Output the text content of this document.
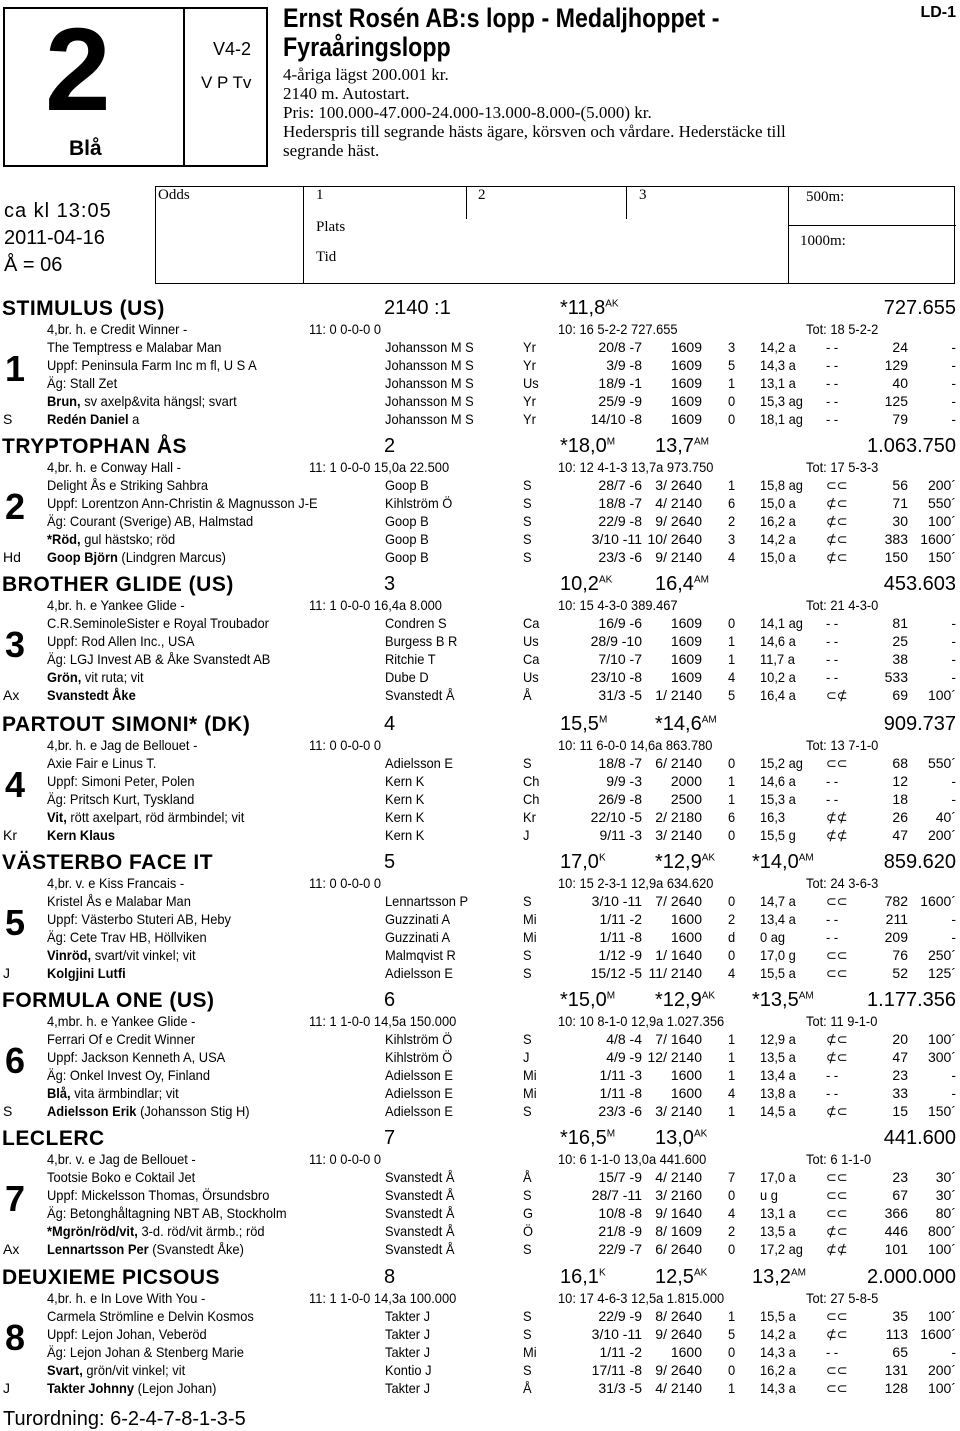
2
Blå
V4-2
V P Tv
Ernst Rosén AB:s lopp - Medaljhoppet -
Fyraåringslopp
LD-1
4-åriga lägst 200.001 kr.
2140 m. Autostart.
Pris: 100.000-47.000-24.000-13.000-8.000-(5.000) kr.
Hederspris till segrande hästs ägare, körsven och vårdare. Hederstäcke till
segrande häst.
ca kl 13:05
2011-04-16
Å = 06
Odds	1	2	3
Plats
Tid
500m:
1000m:
STIMULUS (US)	2140 :1	$*11,8^{AK}$	727.655
4,br. h. e Credit Winner -	11: 0 0-0-0 0	10: 16 5-2-2 727.655	Tot: 18 5-2-2
1
S
The Temptress e Malabar Man	Johansson M S	Yr	20/8 -7	1609 3 14,2 a - -	24	-
Uppf: Peninsula Farm Inc m fl, U S A	Johansson M S	Yr	3/9 -8	1609 5 14,3 a - -	129	-
Äg: Stall Zet	Johansson M S	Us	18/9 -1	1609 1 13,1 a - -	40	-
Brun, sv axelp&vita hängsl; svart	Johansson M S	Yr	25/9 -9	1609 0 15,3 ag - -	125	-
Redén Daniel a	Johansson M S	Yr	14/10 -8	1609 0 18,1 ag - -	79	-
TRYPTOPHAN ÅS	2	$*18,0^M$ $13,7^{AM}$	1.063.750
4,br. h. e Conway Hall -	11: 1 0-0-0 15,0a 22.500	10: 12 4-1-3 13,7a 973.750	Tot: 17 5-3-3
2
Hd
Delight Ås e Striking Sahbra	Goop B	S	28/7 -6 3/ 2640 1 15,8 ag ⊂⊂	56	200´
Uppf: Lorentzon Ann-Christin & Magnusson J-E	Kihlström Ö	S	18/8 -7 4/ 2140 6 15,0 a ⊄⊂	71	550´
Äg: Courant (Sverige) AB, Halmstad	Goop B	S	22/9 -8 9/ 2640 2 16,2 a ⊄⊂	30	100´
*Röd, gul hästsko; röd	Goop B	S	3/10 -11 10/ 2640 3 14,2 a ⊄⊂	383 1600´
Goop Björn (Lindgren Marcus)	Goop B	S	23/3 -6 9/ 2140 4 15,0 a ⊄⊂	150	150´
BROTHER GLIDE (US)	3	$10,2^{AK}$ $16,4^{AM}$	453.603
4,br. h. e Yankee Glide -	11: 1 0-0-0 16,4a 8.000	10: 15 4-3-0 389.467	Tot: 21 4-3-0
3
Ax
C.R.SeminoleSister e Royal Troubador	Condren S	Ca	16/9 -6	1609 0 14,1 ag - -	81	-
Uppf: Rod Allen Inc., USA	Burgess B R	Us	28/9 -10	1609 1 14,6 a - -	25	-
Äg: LGJ Invest AB & Åke Svanstedt AB	Ritchie T	Ca	7/10 -7	1609 1 11,7 a - -	38	-
Grön, vit ruta; vit	Dube D	Us	23/10 -8	1609 4 10,2 a - -	533	-
Svanstedt Åke	Svanstedt Å	Å	31/3 -5 1/ 2140 5 16,4 a ⊂⊄	69	100´
PARTOUT SIMONI* (DK)	4	$15,5^M$ $*14,6^{AM}$	909.737
4,br. h. e Jag de Bellouet -	11: 0 0-0-0 0	10: 11 6-0-0 14,6a 863.780	Tot: 13 7-1-0
4
Kr
Axie Fair e Linus T.	Adielsson E	S	18/8 -7 6/ 2140 0 15,2 ag ⊂⊂	68	550´
Uppf: Simoni Peter, Polen	Kern K	Ch	9/9 -3	2000 1 14,6 a - -	12	-
Äg: Pritsch Kurt, Tyskland	Kern K	Ch	26/9 -8	2500 1 15,3 a - -	18	-
Vit, rött axelpart, röd ärmbindel; vit	Kern K	Kr	22/10 -5 2/ 2180 6 16,3	⊄⊄	26	40´
Kern Klaus	Kern K	J	9/11 -3 3/ 2140 0 15,5 g ⊄⊄	47	200´
VÄSTERBO FACE IT	5	$17,0^K$ $*12,9^{AK}$ $*14,0^{AM}$	859.620
4,br. v. e Kiss Francais -	11: 0 0-0-0 0	10: 15 2-3-1 12,9a 634.620	Tot: 24 3-6-3
5
J
Kristel Ås e Malabar Man	Lennartsson P	S	3/10 -11 7/ 2640 0 14,7 a ⊂⊂	782 1600´
Uppf: Västerbo Stuteri AB, Heby	Guzzinati A	Mi	1/11 -2	1600 2 13,4 a - -	211	-
Äg: Cete Trav HB, Höllviken	Guzzinati A	Mi	1/11 -8	1600 d 0 ag	- -	209	-
Vinröd, svart/vit vinkel; vit	Malmqvist R	S	1/12 -9 1/ 1640 0 17,0 g ⊂⊂	76	250´
Kolgjini Lutfi	Adielsson E	S	15/12 -5 11/ 2140 4 15,5 a ⊂⊂	52	125´
FORMULA ONE (US)	6	$*15,0^M$ $*12,9^{AK}$ $*13,5^{AM}$	1.177.356
4,mbr. h. e Yankee Glide -	11: 1 1-0-0 14,5a 150.000	10: 10 8-1-0 12,9a 1.027.356	Tot: 11 9-1-0
6
S
Ferrari Of e Credit Winner	Kihlström Ö	S	4/8 -4 7/ 1640 1 12,9 a ⊄⊂	20	100´
Uppf: Jackson Kenneth A, USA	Kihlström Ö	J	4/9 -9 12/ 2140 1 13,5 a ⊄⊂	47	300´
Äg: Onkel Invest Oy, Finland	Adielsson E	Mi	1/11 -3	1600 1 13,4 a - -	23	-
Blå, vita ärmbindlar; vit	Adielsson E	Mi	1/11 -8	1600 4 13,8 a - -	33	-
Adielsson Erik (Johansson Stig H)	Adielsson E	S	23/3 -6 3/ 2140 1 14,5 a ⊄⊂	15	150´
LECLERC	7	$*16,5^M$ $13,0^{AK}$	441.600
4,br. v. e Jag de Bellouet -	11: 0 0-0-0 0	10: 6 1-1-0 13,0a 441.600	Tot: 6 1-1-0
7
Ax
Tootsie Boko e Coktail Jet	Svanstedt Å	Å	15/7 -9 4/ 2140 7 17,0 a ⊂⊂	23	30´
Uppf: Mickelsson Thomas, Örsundsbro	Svanstedt Å	S	28/7 -11 3/ 2160 0 u g	⊂⊂	67	30´
Äg: Betonghåltagning NBT AB, Stockholm	Svanstedt Å	G	10/8 -8 9/ 1640 4 13,1 a ⊂⊂	366	80´
*Mgrön/röd/vit, 3-d. röd/vit ärmb.; röd	Svanstedt Å	Ö	21/8 -9 8/ 1609 2 13,5 a ⊄⊂	446	800´
Lennartsson Per (Svanstedt Åke)	Svanstedt Å	S	22/9 -7 6/ 2640 0 17,2 ag ⊄⊄	101	100´
DEUXIEME PICSOUS	8	$16,1^K$ $12,5^{AK}$ $13,2^{AM}$	2.000.000
4,br. h. e In Love With You -	11: 1 1-0-0 14,3a 100.000	10: 17 4-6-3 12,5a 1.815.000	Tot: 27 5-8-5
8
J
Carmela Strömline e Delvin Kosmos	Takter J	S	22/9 -9 8/ 2640 1 15,5 a ⊂⊂	35	100´
Uppf: Lejon Johan, Veberöd	Takter J	S	3/10 -11 9/ 2640 5 14,2 a ⊄⊂	113 1600´
Äg: Lejon Johan & Stenberg Marie	Takter J	Mi	1/11 -2	1600 0 14,3 a - -	65	-
Svart, grön/vit vinkel; vit	Kontio J	S	17/11 -8 9/ 2640 0 16,2 a ⊂⊂	131	200´
Takter Johnny (Lejon Johan)	Takter J	Å	31/3 -5 4/ 2140 1 14,3 a ⊂⊂	128	100´
Turordning: 6-2-4-7-8-1-3-5
